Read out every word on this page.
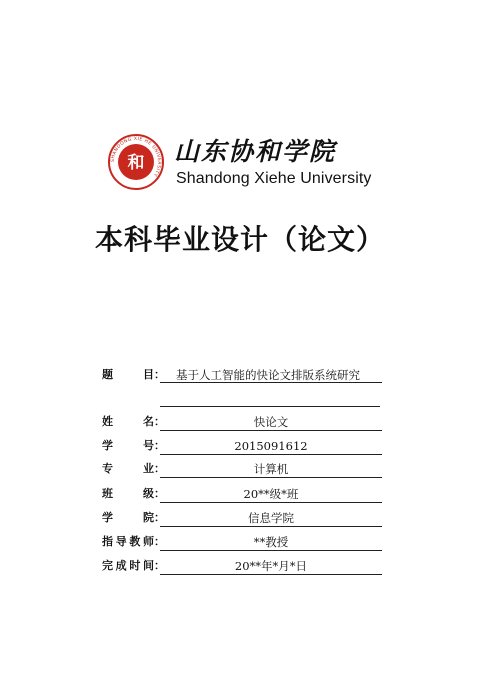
SHANDONG XIE HE UNIVERSITY
和 山东协和学院
Shandong Xiehe University
本科毕业设计（论文）
题	目 ： 基于人工智能的快论文排版系统研究
姓	名 ：	快论文
学	号 ：	2015091612
专	业 ：	计算机
班	级 ：	20**级*班
学	院 ：	信息学院
指 导 教 师 ：	**教授
完 成 时 间 ：	20**年*月*日
